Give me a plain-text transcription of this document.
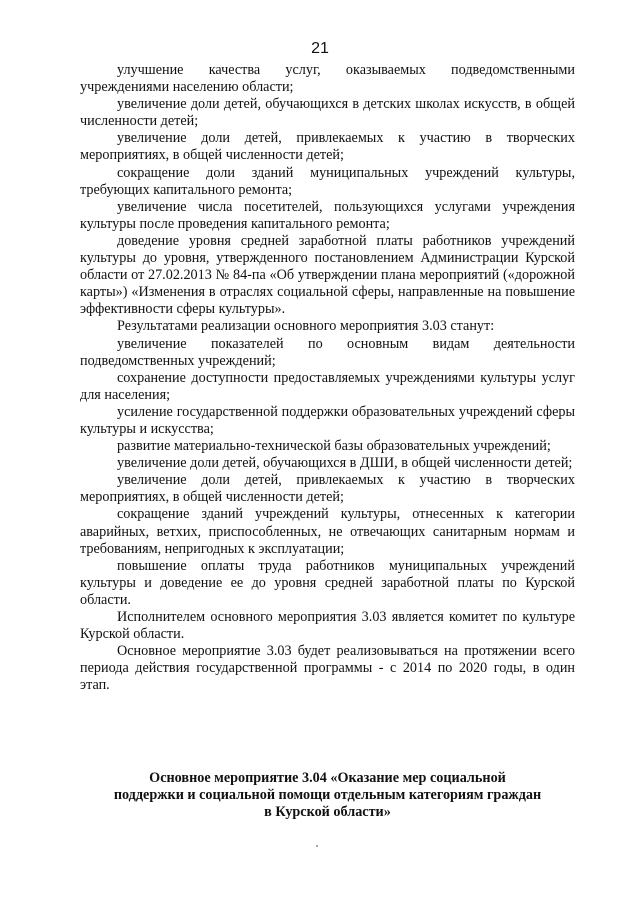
21

улучшение качества услуг, оказываемых подведомственными учреждениями населению области;

увеличение доли детей, обучающихся в детских школах искусств, в общей численности детей;

увеличение доли детей, привлекаемых к участию в творческих мероприятиях, в общей численности детей;

сокращение доли зданий муниципальных учреждений культуры, требующих капитального ремонта;

увеличение числа посетителей, пользующихся услугами учреждения культуры после проведения капитального ремонта;

доведение уровня средней заработной платы работников учреждений культуры до уровня, утвержденного постановлением Администрации Курской области от 27.02.2013 № 84-па «Об утверждении плана мероприятий («дорожной карты») «Изменения в отраслях социальной сферы, направленные на повышение эффективности сферы культуры».

Результатами реализации основного мероприятия 3.03 станут:

увеличение показателей по основным видам деятельности подведомственных учреждений;

сохранение доступности предоставляемых учреждениями культуры услуг для населения;

усиление государственной поддержки образовательных учреждений сферы культуры и искусства;

развитие материально-технической базы образовательных учреждений;

увеличение доли детей, обучающихся в ДШИ, в общей численности детей;

увеличение доли детей, привлекаемых к участию в творческих мероприятиях, в общей численности детей;

сокращение зданий учреждений культуры, отнесенных к категории аварийных, ветхих, приспособленных, не отвечающих санитарным нормам и требованиям, непригодных к эксплуатации;

повышение оплаты труда работников муниципальных учреждений культуры и доведение ее до уровня средней заработной платы по Курской области.

Исполнителем основного мероприятия 3.03 является комитет по культуре Курской области.

Основное мероприятие 3.03 будет реализовываться на протяжении всего периода действия государственной программы - с 2014 по 2020 годы, в один этап.

Основное мероприятие 3.04 «Оказание мер социальной
поддержки и социальной помощи отдельным категориям граждан
в Курской области»
